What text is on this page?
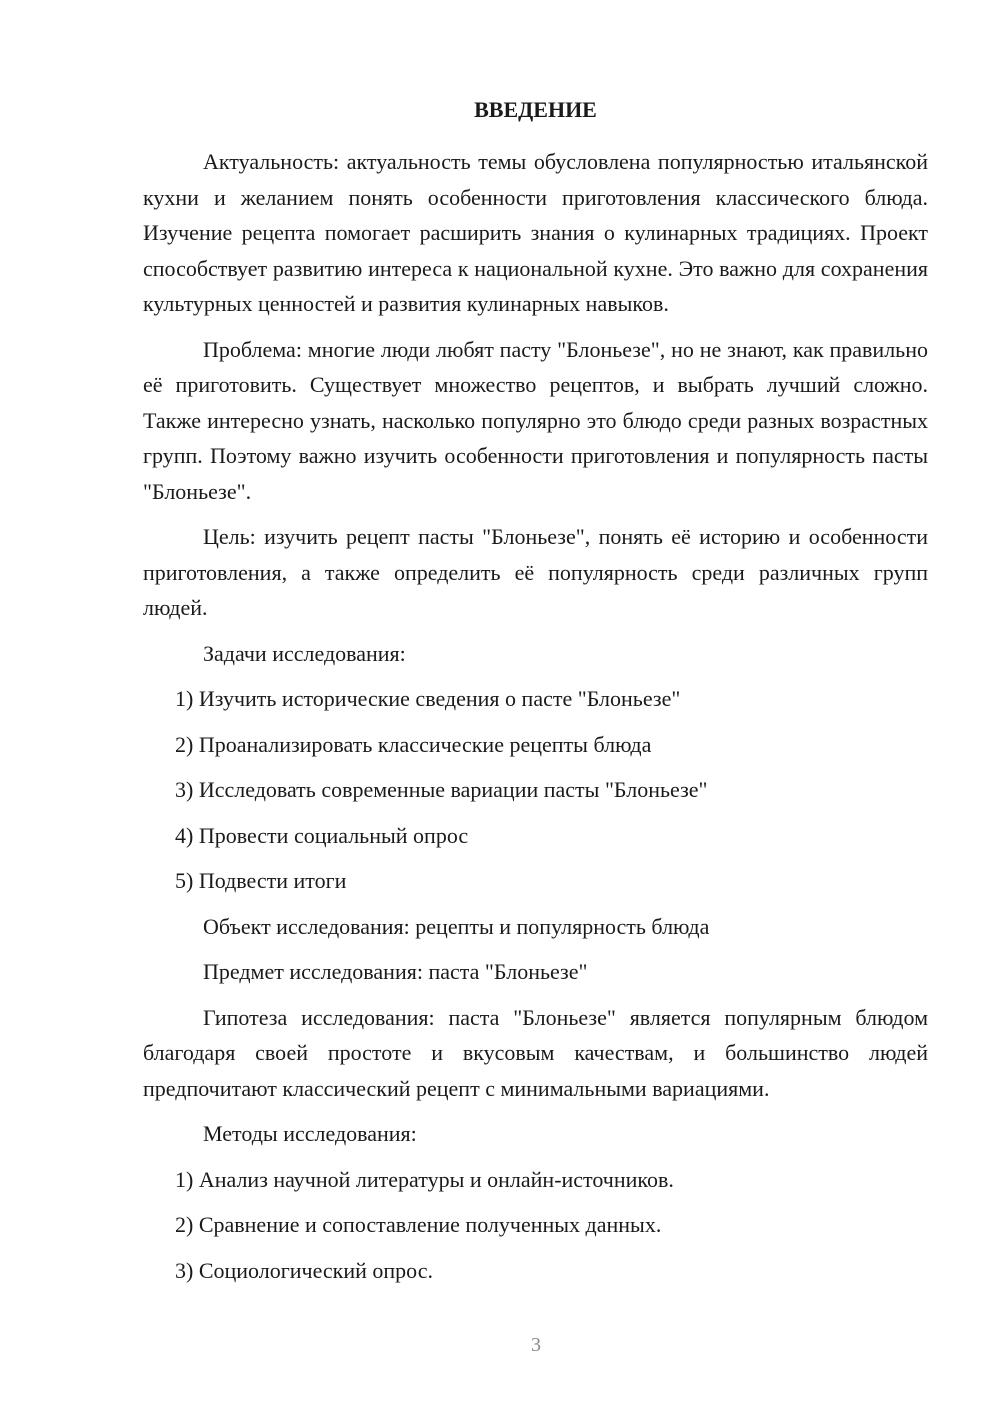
ВВЕДЕНИЕ

Актуальность: актуальность темы обусловлена популярностью итальянской кухни и желанием понять особенности приготовления классического блюда. Изучение рецепта помогает расширить знания о кулинарных традициях. Проект способствует развитию интереса к национальной кухне. Это важно для сохранения культурных ценностей и развития кулинарных навыков.

Проблема: многие люди любят пасту "Блоньезе", но не знают, как правильно её приготовить. Существует множество рецептов, и выбрать лучший сложно. Также интересно узнать, насколько популярно это блюдо среди разных возрастных групп. Поэтому важно изучить особенности приготовления и популярность пасты "Блоньезе".

Цель: изучить рецепт пасты "Блоньезе", понять её историю и особенности приготовления, а также определить её популярность среди различных групп людей.

Задачи исследования:

1) Изучить исторические сведения о пасте "Блоньезе"

2) Проанализировать классические рецепты блюда

3) Исследовать современные вариации пасты "Блоньезе"

4) Провести социальный опрос

5) Подвести итоги

Объект исследования: рецепты и популярность блюда

Предмет исследования: паста "Блоньезе"

Гипотеза исследования: паста "Блоньезе" является популярным блюдом благодаря своей простоте и вкусовым качествам, и большинство людей предпочитают классический рецепт с минимальными вариациями.

Методы исследования:

1) Анализ научной литературы и онлайн-источников.

2) Сравнение и сопоставление полученных данных.

3) Социологический опрос.

3
